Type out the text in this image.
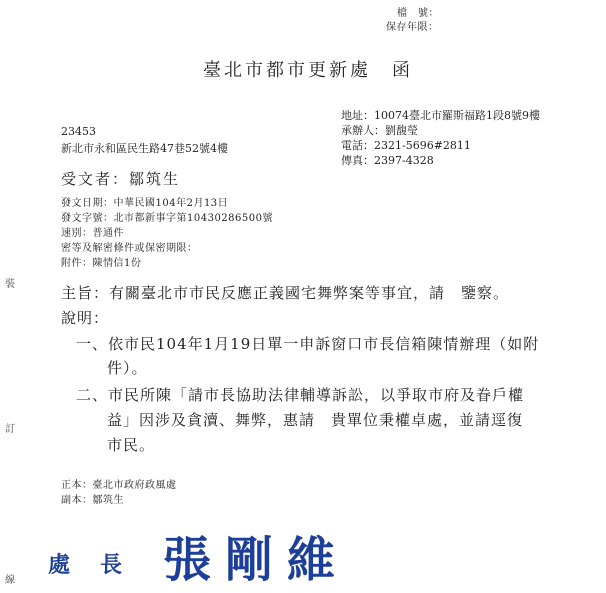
檔　號：
保存年限：
臺北市都市更新處　函
地址：10074臺北市羅斯福路1段8號9樓
承辦人：劉馥瑩
電話：2321-5696#2811
傳真：2397-4328
23453
新北市永和區民生路47巷52號4樓
受文者：鄒筑生
發文日期：中華民國104年2月13日
發文字號：北市都新事字第10430286500號
速別：普通件
密等及解密條件或保密期限：
附件：陳情信1份
主旨：有關臺北市市民反應正義國宅舞弊案等事宜，請　鑒察。
說明：
一、依市民104年1月19日單一申訴窗口市長信箱陳情辦理（如附
件）。
二、市民所陳「請市長協助法律輔導訴訟，以爭取市府及眷戶權
益」因涉及貪瀆、舞弊，惠請　貴單位秉權卓處，並請逕復
市民。
正本：臺北市政府政風處
副本：鄒筑生
裝
訂
線
處　長 張剛維
